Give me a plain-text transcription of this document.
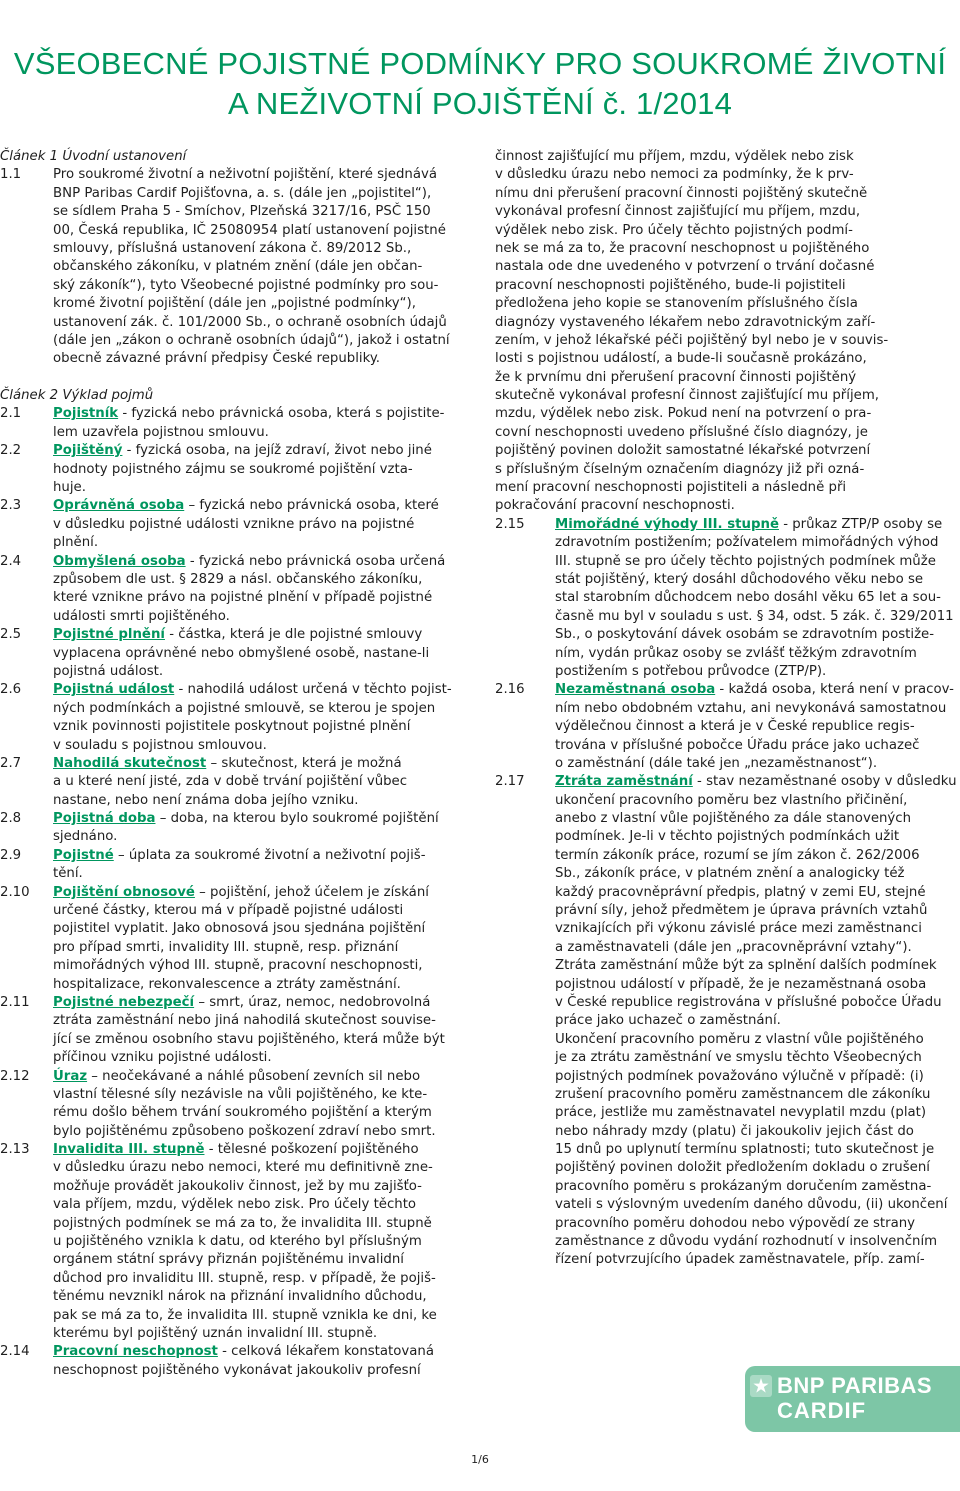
VŠEOBECNÉ POJISTNÉ PODMÍNKY PRO SOUKROMÉ ŽIVOTNÍ
A NEŽIVOTNÍ POJIŠTĚNÍ č. 1/2014
Článek 1 Úvodní ustanovení
1.1 Pro soukromé životní a neživotní pojištění, které sjednává
BNP Paribas Cardif Pojišťovna, a. s. (dále jen „pojistitel“),
se sídlem Praha 5 - Smíchov, Plzeňská 3217/16, PSČ 150
00, Česká republika, IČ 25080954 platí ustanovení pojistné
smlouvy, příslušná ustanovení zákona č. 89/2012 Sb.,
občanského zákoníku, v platném znění (dále jen občan-
ský zákoník“), tyto Všeobecné pojistné podmínky pro sou-
kromé životní pojištění (dále jen „pojistné podmínky“),
ustanovení zák. č. 101/2000 Sb., o ochraně osobních údajů
(dále jen „zákon o ochraně osobních údajů“), jakož i ostatní
obecně závazné právní předpisy České republiky.
Článek 2 Výklad pojmů
2.1 Pojistník - fyzická nebo právnická osoba, která s pojistite-
lem uzavřela pojistnou smlouvu.
2.2 Pojištěný - fyzická osoba, na jejíž zdraví, život nebo jiné
hodnoty pojistného zájmu se soukromé pojištění vzta-
huje.
2.3 Oprávněná osoba – fyzická nebo právnická osoba, které
v důsledku pojistné události vznikne právo na pojistné
plnění.
2.4 Obmyšlená osoba - fyzická nebo právnická osoba určená
způsobem dle ust. § 2829 a násl. občanského zákoníku,
které vznikne právo na pojistné plnění v případě pojistné
události smrti pojištěného.
2.5 Pojistné plnění - částka, která je dle pojistné smlouvy
vyplacena oprávněné nebo obmyšlené osobě, nastane-li
pojistná událost.
2.6 Pojistná událost - nahodilá událost určená v těchto pojist-
ných podmínkách a pojistné smlouvě, se kterou je spojen
vznik povinnosti pojistitele poskytnout pojistné plnění
v souladu s pojistnou smlouvou.
2.7 Nahodilá skutečnost – skutečnost, která je možná
a u které není jisté, zda v době trvání pojištění vůbec
nastane, nebo není známa doba jejího vzniku.
2.8 Pojistná doba – doba, na kterou bylo soukromé pojištění
sjednáno.
2.9 Pojistné – úplata za soukromé životní a neživotní pojiš-
tění.
2.10 Pojištění obnosové – pojištění, jehož účelem je získání
určené částky, kterou má v případě pojistné události
pojistitel vyplatit. Jako obnosová jsou sjednána pojištění
pro případ smrti, invalidity III. stupně, resp. přiznání
mimořádných výhod III. stupně, pracovní neschopnosti,
hospitalizace, rekonvalescence a ztráty zaměstnání.
2.11 Pojistné nebezpečí – smrt, úraz, nemoc, nedobrovolná
ztráta zaměstnání nebo jiná nahodilá skutečnost souvise-
jící se změnou osobního stavu pojištěného, která může být
příčinou vzniku pojistné události.
2.12 Úraz – neočekávané a náhlé působení zevních sil nebo
vlastní tělesné síly nezávisle na vůli pojištěného, ke kte-
rému došlo během trvání soukromého pojištění a kterým
bylo pojištěnému způsobeno poškození zdraví nebo smrt.
2.13 Invalidita III. stupně - tělesné poškození pojištěného
v důsledku úrazu nebo nemoci, které mu definitivně zne-
možňuje provádět jakoukoliv činnost, jež by mu zajišťo-
vala příjem, mzdu, výdělek nebo zisk. Pro účely těchto
pojistných podmínek se má za to, že invalidita III. stupně
u pojištěného vznikla k datu, od kterého byl příslušným
orgánem státní správy přiznán pojištěnému invalidní
důchod pro invaliditu III. stupně, resp. v případě, že pojiš-
těnému nevznikl nárok na přiznání invalidního důchodu,
pak se má za to, že invalidita III. stupně vznikla ke dni, ke
kterému byl pojištěný uznán invalidní III. stupně.
2.14 Pracovní neschopnost - celková lékařem konstatovaná
neschopnost pojištěného vykonávat jakoukoliv profesní
činnost zajišťující mu příjem, mzdu, výdělek nebo zisk
v důsledku úrazu nebo nemoci za podmínky, že k prv-
nímu dni přerušení pracovní činnosti pojištěný skutečně
vykonával profesní činnost zajišťující mu příjem, mzdu,
výdělek nebo zisk. Pro účely těchto pojistných podmí-
nek se má za to, že pracovní neschopnost u pojištěného
nastala ode dne uvedeného v potvrzení o trvání dočasné
pracovní neschopnosti pojištěného, bude-li pojistiteli
předložena jeho kopie se stanovením příslušného čísla
diagnózy vystaveného lékařem nebo zdravotnickým zaří-
zením, v jehož lékařské péči pojištěný byl nebo je v souvis-
losti s pojistnou událostí, a bude-li současně prokázáno,
že k prvnímu dni přerušení pracovní činnosti pojištěný
skutečně vykonával profesní činnost zajišťující mu příjem,
mzdu, výdělek nebo zisk. Pokud není na potvrzení o pra-
covní neschopnosti uvedeno příslušné číslo diagnózy, je
pojištěný povinen doložit samostatné lékařské potvrzení
s příslušným číselným označením diagnózy již při ozná-
mení pracovní neschopnosti pojistiteli a následně při
pokračování pracovní neschopnosti.
2.15 Mimořádné výhody III. stupně - průkaz ZTP/P osoby se
zdravotním postižením; požívatelem mimořádných výhod
III. stupně se pro účely těchto pojistných podmínek může
stát pojištěný, který dosáhl důchodového věku nebo se
stal starobním důchodcem nebo dosáhl věku 65 let a sou-
časně mu byl v souladu s ust. § 34, odst. 5 zák. č. 329/2011
Sb., o poskytování dávek osobám se zdravotním postiže-
ním, vydán průkaz osoby se zvlášť těžkým zdravotním
postižením s potřebou průvodce (ZTP/P).
2.16 Nezaměstnaná osoba - každá osoba, která není v pracov-
ním nebo obdobném vztahu, ani nevykonává samostatnou
výdělečnou činnost a která je v České republice regis-
trována v příslušné pobočce Úřadu práce jako uchazeč
o zaměstnání (dále také jen „nezaměstnanost“).
2.17 Ztráta zaměstnání - stav nezaměstnané osoby v důsledku
ukončení pracovního poměru bez vlastního přičinění,
anebo z vlastní vůle pojištěného za dále stanovených
podmínek. Je-li v těchto pojistných podmínkách užit
termín zákoník práce, rozumí se jím zákon č. 262/2006
Sb., zákoník práce, v platném znění a analogicky též
každý pracovněprávní předpis, platný v zemi EU, stejné
právní síly, jehož předmětem je úprava právních vztahů
vznikajících při výkonu závislé práce mezi zaměstnanci
a zaměstnavateli (dále jen „pracovněprávní vztahy“).
Ztráta zaměstnání může být za splnění dalších podmínek
pojistnou událostí v případě, že je nezaměstnaná osoba
v České republice registrována v příslušné pobočce Úřadu
práce jako uchazeč o zaměstnání.
Ukončení pracovního poměru z vlastní vůle pojištěného
je za ztrátu zaměstnání ve smyslu těchto Všeobecných
pojistných podmínek považováno výlučně v případě: (i)
zrušení pracovního poměru zaměstnancem dle zákoníku
práce, jestliže mu zaměstnavatel nevyplatil mzdu (plat)
nebo náhrady mzdy (platu) či jakoukoliv jejich část do
15 dnů po uplynutí termínu splatnosti; tuto skutečnost je
pojištěný povinen doložit předložením dokladu o zrušení
pracovního poměru s prokázaným doručením zaměstna-
vateli s výslovným uvedením daného důvodu, (ii) ukončení
pracovního poměru dohodou nebo výpovědí ze strany
zaměstnance z důvodu vydání rozhodnutí v insolvenčním
řízení potvrzujícího úpadek zaměstnavatele, příp. zamí-
BNP PARIBAS
CARDIF
1/6
